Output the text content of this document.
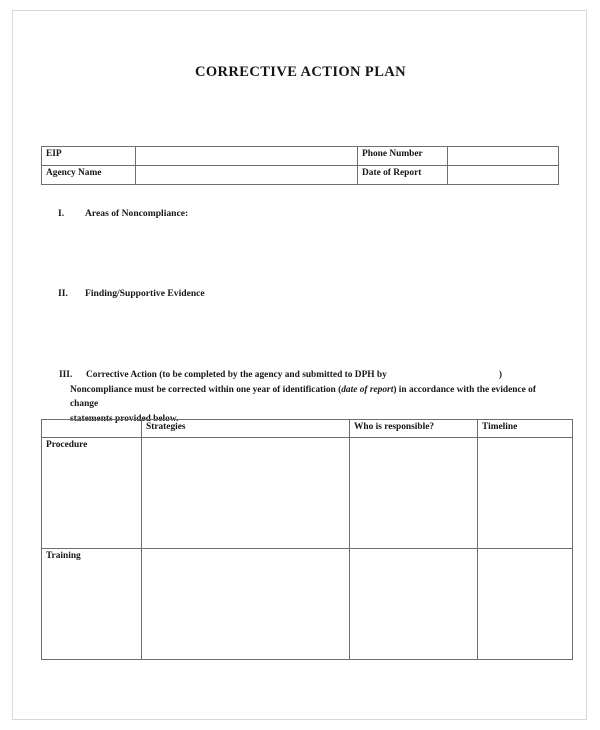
CORRECTIVE ACTION PLAN
EIP		Phone Number	
Agency Name		Date of Report	
I. Areas of Noncompliance:
II. Finding/Supportive Evidence
III. Corrective Action (to be completed by the agency and submitted to DPH by	)
Noncompliance must be corrected within one year of identification (date of report) in accordance with the evidence of change
statements provided below.
	Strategies	Who is responsible?	Timeline
Procedure			
Training			
